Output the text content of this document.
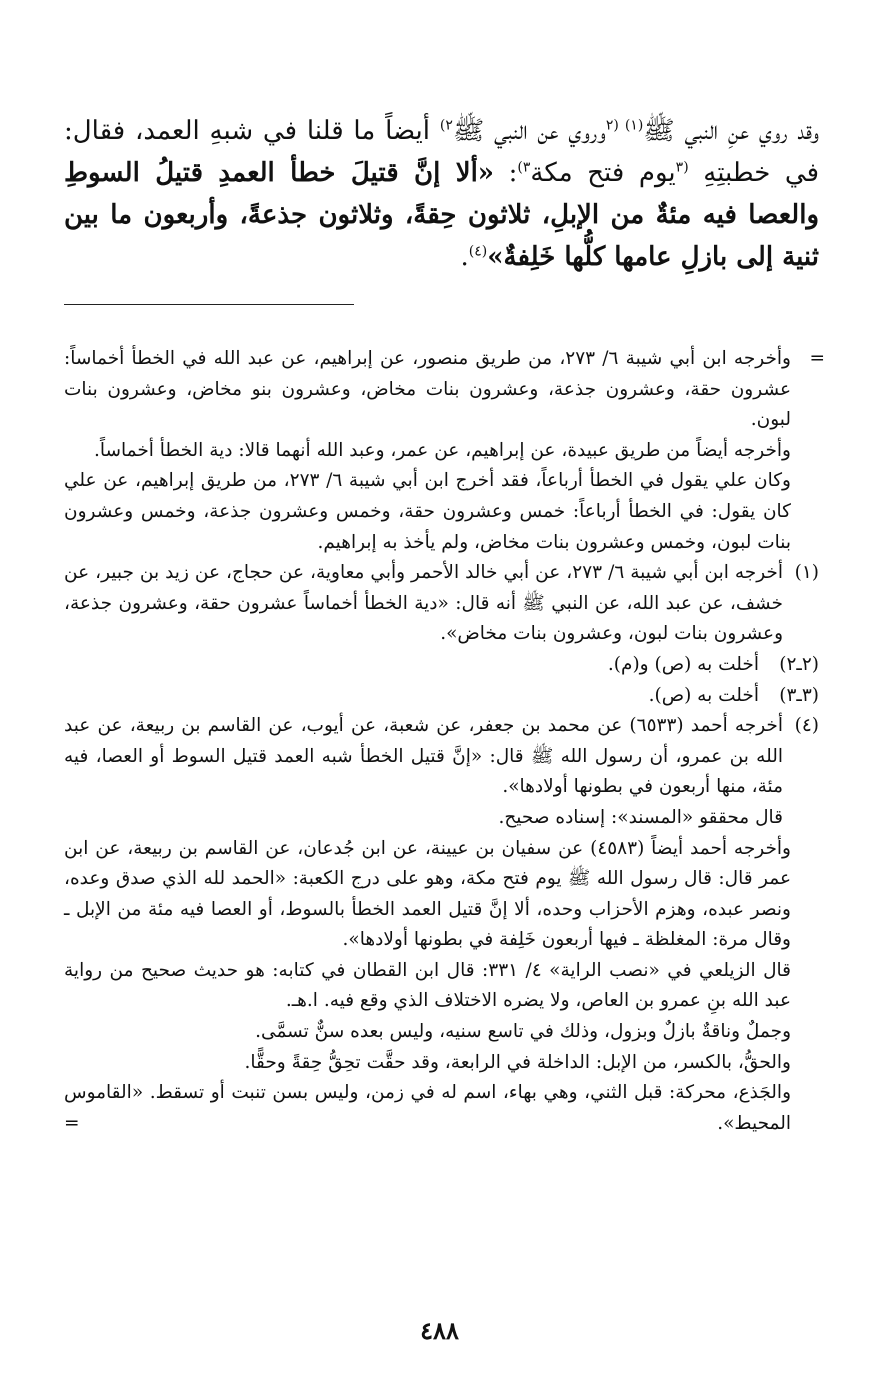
وقد روي عنِ النبي ﷺ$^{(١) (٢}$وروي عن النبي ﷺ$^{٢)}$ أيضاً ما قلنا في شبهِ العمد، فقال: في خطبتِهِ $^{(٣}$يوم فتح مكة$^{٣)}$: «ألا إنَّ قتيلَ خطأ العمدِ قتيلُ السوطِ والعصا فيه مئةٌ من الإبلِ، ثلاثون حِقةً، وثلاثون جذعةً، وأربعون ما بين ثنية إلى بازلِ عامها كلُّها خَلِفةٌ»$^{(٤)}$.

=
وأخرجه ابن أبي شيبة ٦/ ٢٧٣، من طريق منصور، عن إبراهيم، عن عبد الله في الخطأ أخماساً: عشرون حقة، وعشرون جذعة، وعشرون بنات مخاض، وعشرون بنو مخاض، وعشرون بنات لبون.

وأخرجه أيضاً من طريق عبيدة، عن إبراهيم، عن عمر، وعبد الله أنهما قالا: دية الخطأ أخماساً.

وكان علي يقول في الخطأ أرباعاً، فقد أخرج ابن أبي شيبة ٦/ ٢٧٣، من طريق إبراهيم، عن علي كان يقول: في الخطأ أرباعاً: خمس وعشرون حقة، وخمس وعشرون جذعة، وخمس وعشرون بنات لبون، وخمس وعشرون بنات مخاض، ولم يأخذ به إبراهيم.

(١)
أخرجه ابن أبي شيبة ٦/ ٢٧٣، عن أبي خالد الأحمر وأبي معاوية، عن حجاج، عن زيد بن جبير، عن خشف، عن عبد الله، عن النبي ﷺ أنه قال: «دية الخطأ أخماساً عشرون حقة، وعشرون جذعة، وعشرون بنات لبون، وعشرون بنات مخاض».

(٢ـ٢)
أخلت به (ص) و(م).

(٣ـ٣)
أخلت به (ص).

(٤)
أخرجه أحمد (٦٥٣٣) عن محمد بن جعفر، عن شعبة، عن أيوب، عن القاسم بن ربيعة، عن عبد الله بن عمرو، أن رسول الله ﷺ قال: «إنَّ قتيل الخطأ شبه العمد قتيل السوط أو العصا، فيه مئة، منها أربعون في بطونها أولادها».

قال محققو «المسند»: إسناده صحيح.

وأخرجه أحمد أيضاً (٤٥٨٣) عن سفيان بن عيينة، عن ابن جُدعان، عن القاسم بن ربيعة، عن ابن عمر قال: قال رسول الله ﷺ يوم فتح مكة، وهو على درج الكعبة: «الحمد لله الذي صدق وعده، ونصر عبده، وهزم الأحزاب وحده، ألا إنَّ قتيل العمد الخطأ بالسوط، أو العصا فيه مئة من الإبل ـ وقال مرة: المغلظة ـ فيها أربعون خَلِفة في بطونها أولادها».

قال الزيلعي في «نصب الراية» ٤/ ٣٣١: قال ابن القطان في كتابه: هو حديث صحيح من رواية عبد الله بنِ عمرو بن العاص، ولا يضره الاختلاف الذي وقع فيه. ا.هـ.

وجملٌ وناقةٌ بازلٌ وبزول، وذلك في تاسع سنيه، وليس بعده سنٌّ تسمَّى.

والحقُّ، بالكسر، من الإبل: الداخلة في الرابعة، وقد حقَّت تحِقُّ حِقةً وحقًّا.

والجَذع، محركة: قبل الثني، وهي بهاء، اسم له في زمن، وليس بسن تنبت أو تسقط. «القاموس المحيط».
=

٤٨٨
